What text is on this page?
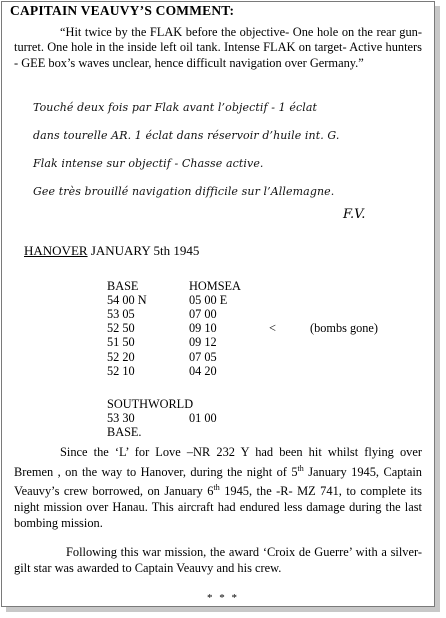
CAPITAIN VEAUVY’S COMMENT:
“Hit twice by the FLAK before the objective- One hole on the rear gun-turret. One hole in the inside left oil tank. Intense FLAK on target- Active hunters - GEE box’s waves unclear, hence difficult navigation over Germany.”
Touché deux fois par Flak avant l’objectif - 1 éclat
dans tourelle AR. 1 éclat dans réservoir d’huile int. G.
Flak intense sur objectif - Chasse active.
Gee très brouillé navigation difficile sur l’Allemagne.
F.V.
HANOVER JANUARY 5th 1945
BASE	HOMSEA
54 00 N	05 00 E
53 05	07 00
52 50	09 10	<	(bombs gone)
51 50	09 12
52 20	07 05
52 10	04 20
SOUTHWORLD
53 30	01 00
BASE.
Since the ‘L’ for Love –NR 232 Y had been hit whilst flying over Bremen , on the way to Hanover, during the night of 5th January 1945, Captain Veauvy’s crew borrowed, on January 6th 1945, the -R- MZ 741, to complete its night mission over Hanau. This aircraft had endured less damage during the last bombing mission.
Following this war mission, the award ‘Croix de Guerre’ with a silver-gilt star was awarded to Captain Veauvy and his crew.
* * *
